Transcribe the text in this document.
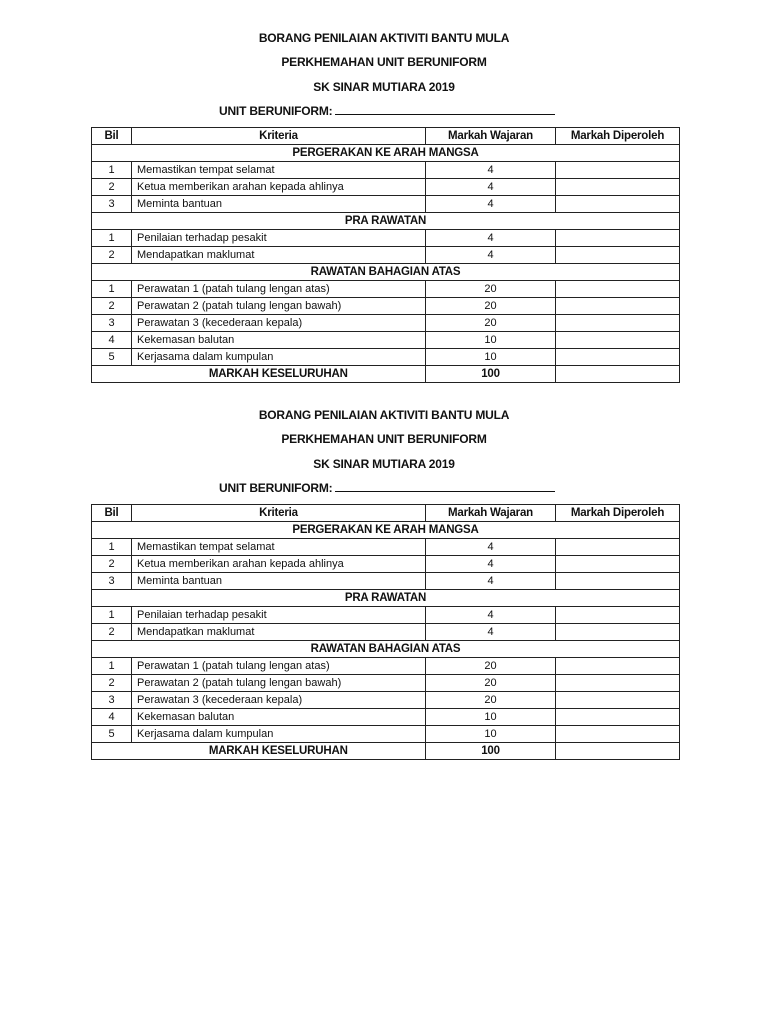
BORANG PENILAIAN AKTIVITI BANTU MULA

PERKHEMAHAN UNIT BERUNIFORM

SK SINAR MUTIARA 2019

UNIT BERUNIFORM:
Bil	Kriteria	Markah Wajaran	Markah Diperoleh
PERGERAKAN KE ARAH MANGSA			
1	Memastikan tempat selamat	4	
2	Ketua memberikan arahan kepada ahlinya	4	
3	Meminta bantuan	4	
PRA RAWATAN			
1	Penilaian terhadap pesakit	4	
2	Mendapatkan maklumat	4	
RAWATAN BAHAGIAN ATAS			
1	Perawatan 1 (patah tulang lengan atas)	20	
2	Perawatan 2 (patah tulang lengan bawah)	20	
3	Perawatan 3 (kecederaan kepala)	20	
4	Kekemasan balutan	10	
5	Kerjasama dalam kumpulan	10	
	MARKAH KESELURUHAN	100	

BORANG PENILAIAN AKTIVITI BANTU MULA

PERKHEMAHAN UNIT BERUNIFORM

SK SINAR MUTIARA 2019

UNIT BERUNIFORM:
Bil	Kriteria	Markah Wajaran	Markah Diperoleh
PERGERAKAN KE ARAH MANGSA			
1	Memastikan tempat selamat	4	
2	Ketua memberikan arahan kepada ahlinya	4	
3	Meminta bantuan	4	
PRA RAWATAN			
1	Penilaian terhadap pesakit	4	
2	Mendapatkan maklumat	4	
RAWATAN BAHAGIAN ATAS			
1	Perawatan 1 (patah tulang lengan atas)	20	
2	Perawatan 2 (patah tulang lengan bawah)	20	
3	Perawatan 3 (kecederaan kepala)	20	
4	Kekemasan balutan	10	
5	Kerjasama dalam kumpulan	10	
	MARKAH KESELURUHAN	100	
